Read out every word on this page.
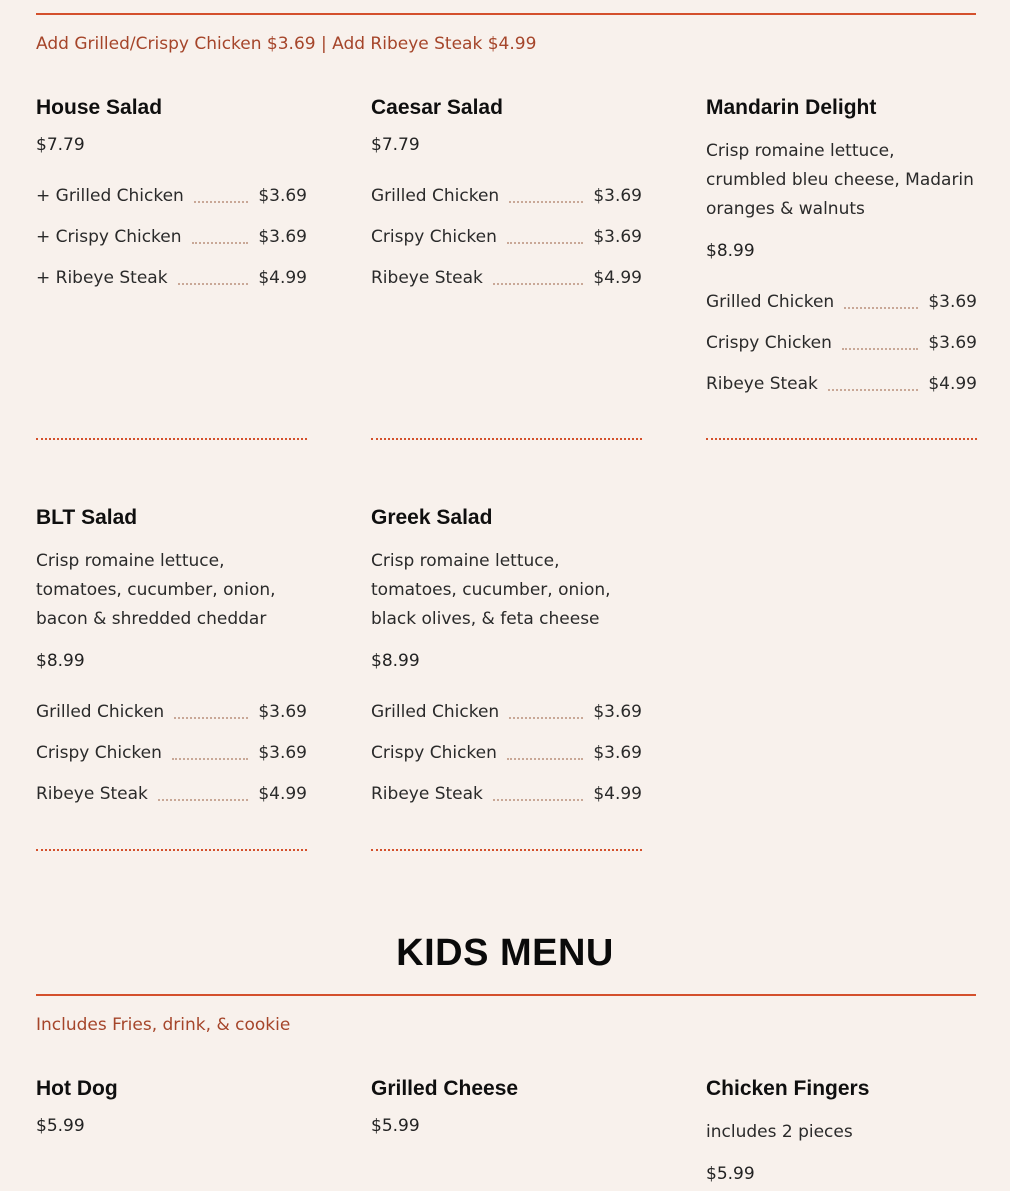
Add Grilled/Crispy Chicken $3.69 | Add Ribeye Steak $4.99
House Salad
$7.79
+ Grilled Chicken	$3.69
+ Crispy Chicken	$3.69
+ Ribeye Steak	$4.99
Caesar Salad
$7.79
Grilled Chicken	$3.69
Crispy Chicken	$3.69
Ribeye Steak	$4.99
Mandarin Delight
Crisp romaine lettuce, crumbled bleu cheese, Madarin oranges & walnuts
$8.99
Grilled Chicken	$3.69
Crispy Chicken	$3.69
Ribeye Steak	$4.99
BLT Salad
Crisp romaine lettuce, tomatoes, cucumber, onion, bacon & shredded cheddar
$8.99
Grilled Chicken	$3.69
Crispy Chicken	$3.69
Ribeye Steak	$4.99
Greek Salad
Crisp romaine lettuce, tomatoes, cucumber, onion, black olives, & feta cheese
$8.99
Grilled Chicken	$3.69
Crispy Chicken	$3.69
Ribeye Steak	$4.99
KIDS MENU
Includes Fries, drink, & cookie
Hot Dog
$5.99
Grilled Cheese
$5.99
Chicken Fingers
includes 2 pieces
$5.99
